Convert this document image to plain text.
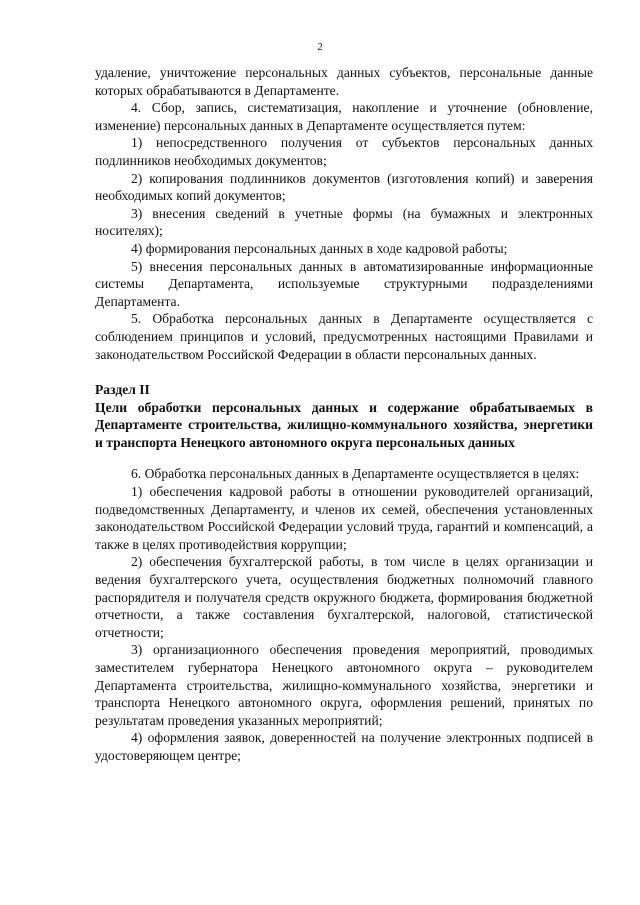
2

удаление, уничтожение персональных данных субъектов, персональные данные которых обрабатываются в Департаменте.

4. Сбор, запись, систематизация, накопление и уточнение (обновление, изменение) персональных данных в Департаменте осуществляется путем:

1) непосредственного получения от субъектов персональных данных подлинников необходимых документов;

2) копирования подлинников документов (изготовления копий) и заверения необходимых копий документов;

3) внесения сведений в учетные формы (на бумажных и электронных носителях);

4) формирования персональных данных в ходе кадровой работы;

5) внесения персональных данных в автоматизированные информационные системы Департамента, используемые структурными подразделениями Департамента.

5. Обработка персональных данных в Департаменте осуществляется с соблюдением принципов и условий, предусмотренных настоящими Правилами и законодательством Российской Федерации в области персональных данных.

Раздел II

Цели обработки персональных данных и содержание обрабатываемых в Департаменте строительства, жилищно-коммунального хозяйства, энергетики и транспорта Ненецкого автономного округа персональных данных

6. Обработка персональных данных в Департаменте осуществляется в целях:

1) обеспечения кадровой работы в отношении руководителей организаций, подведомственных Департаменту, и членов их семей, обеспечения установленных законодательством Российской Федерации условий труда, гарантий и компенсаций, а также в целях противодействия коррупции;

2) обеспечения бухгалтерской работы, в том числе в целях организации и ведения бухгалтерского учета, осуществления бюджетных полномочий главного распорядителя и получателя средств окружного бюджета, формирования бюджетной отчетности, а также составления бухгалтерской, налоговой, статистической отчетности;

3) организационного обеспечения проведения мероприятий, проводимых заместителем губернатора Ненецкого автономного округа – руководителем Департамента строительства, жилищно-коммунального хозяйства, энергетики и транспорта Ненецкого автономного округа, оформления решений, принятых по результатам проведения указанных мероприятий;

4) оформления заявок, доверенностей на получение электронных подписей в удостоверяющем центре;
